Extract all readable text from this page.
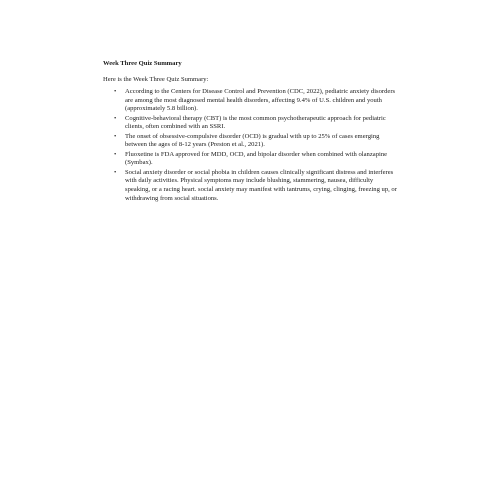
Week Three Quiz Summary
Here is the Week Three Quiz Summary:
• According to the Centers for Disease Control and Prevention (CDC, 2022), pediatric anxiety disorders are among the most diagnosed mental health disorders, affecting 9.4% of U.S. children and youth (approximately 5.8 billion).
• Cognitive-behavioral therapy (CBT) is the most common psychotherapeutic approach for pediatric clients, often combined with an SSRI.
• The onset of obsessive-compulsive disorder (OCD) is gradual with up to 25% of cases emerging between the ages of 8-12 years (Preston et al., 2021).
• Fluoxetine is FDA approved for MDD, OCD, and bipolar disorder when combined with olanzapine (Symbax).
• Social anxiety disorder or social phobia in children causes clinically significant distress and interferes with daily activities. Physical symptoms may include blushing, stammering, nausea, difficulty speaking, or a racing heart. social anxiety may manifest with tantrums, crying, clinging, freezing up, or withdrawing from social situations.
